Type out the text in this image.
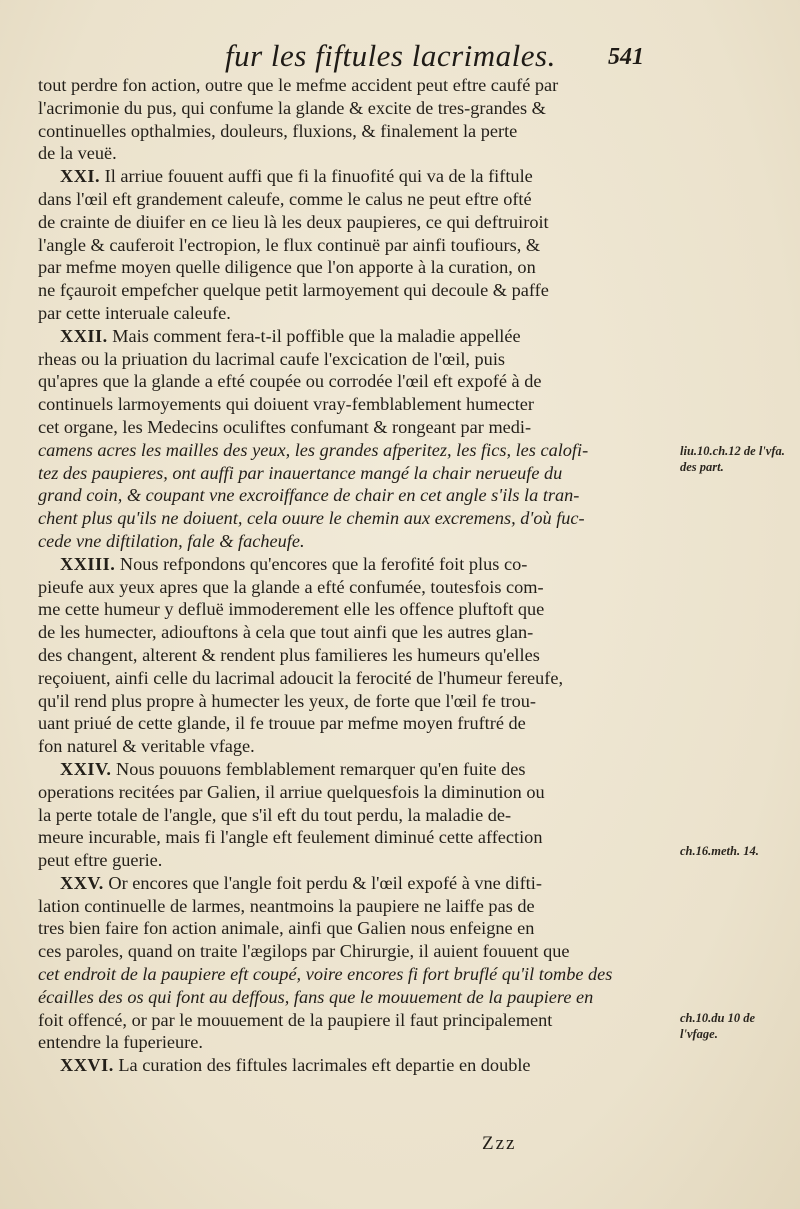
fur les fiftules lacrimales. 541

tout perdre fon action, outre que le mefme accident peut eftre caufé par
l'acrimonie du pus, qui confume la glande & excite de tres-grandes &
continuelles opthalmies, douleurs, fluxions, & finalement la perte
de la veuë.

XXI. Il arriue fouuent auffi que fi la finuofité qui va de la fiftule
dans l'œil eft grandement caleufe, comme le calus ne peut eftre ofté
de crainte de diuifer en ce lieu là les deux paupieres, ce qui deftruiroit
l'angle & cauferoit l'ectropion, le flux continuë par ainfi toufiours, &
par mefme moyen quelle diligence que l'on apporte à la curation, on
ne fçauroit empefcher quelque petit larmoyement qui decoule & paffe
par cette interuale caleufe.

XXII. Mais comment fera-t-il poffible que la maladie appellée
rheas ou la priuation du lacrimal caufe l'excication de l'œil, puis
qu'apres que la glande a efté coupée ou corrodée l'œil eft expofé à de
continuels larmoyements qui doiuent vray-femblablement humecter
cet organe, les Medecins oculiftes confumant & rongeant par medi-
camens acres les mailles des yeux, les grandes afperitez, les fics, les calofi-
tez des paupieres, ont auffi par inauertance mangé la chair nerueufe du
grand coin, & coupant vne excroiffance de chair en cet angle s'ils la tran-
chent plus qu'ils ne doiuent, cela ouure le chemin aux excremens, d'où fuc-
cede vne diftilation, fale & facheufe.

XXIII. Nous refpondons qu'encores que la ferofité foit plus co-
pieufe aux yeux apres que la glande a efté confumée, toutesfois com-
me cette humeur y defluë immoderement elle les offence pluftoft que
de les humecter, adiouftons à cela que tout ainfi que les autres glan-
des changent, alterent & rendent plus familieres les humeurs qu'elles
reçoiuent, ainfi celle du lacrimal adoucit la ferocité de l'humeur fereufe,
qu'il rend plus propre à humecter les yeux, de forte que l'œil fe trou-
uant priué de cette glande, il fe trouue par mefme moyen fruftré de
fon naturel & veritable vfage.

XXIV. Nous pouuons femblablement remarquer qu'en fuite des
operations recitées par Galien, il arriue quelquesfois la diminution ou
la perte totale de l'angle, que s'il eft du tout perdu, la maladie de-
meure incurable, mais fi l'angle eft feulement diminué cette affection
peut eftre guerie.

XXV. Or encores que l'angle foit perdu & l'œil expofé à vne difti-
lation continuelle de larmes, neantmoins la paupiere ne laiffe pas de
tres bien faire fon action animale, ainfi que Galien nous enfeigne en
ces paroles, quand on traite l'ægilops par Chirurgie, il auient fouuent que
cet endroit de la paupiere eft coupé, voire encores fi fort bruflé qu'il tombe des
écailles des os qui font au deffous, fans que le mouuement de la paupiere en
foit offencé, or par le mouuement de la paupiere il faut principalement
entendre la fuperieure.

XXVI. La curation des fiftules lacrimales eft departie en double

liu.10.ch.12 de l'vfa. des part.
ch.16.meth. 14.
ch.10.du 10 de l'vfage.
Zzz
